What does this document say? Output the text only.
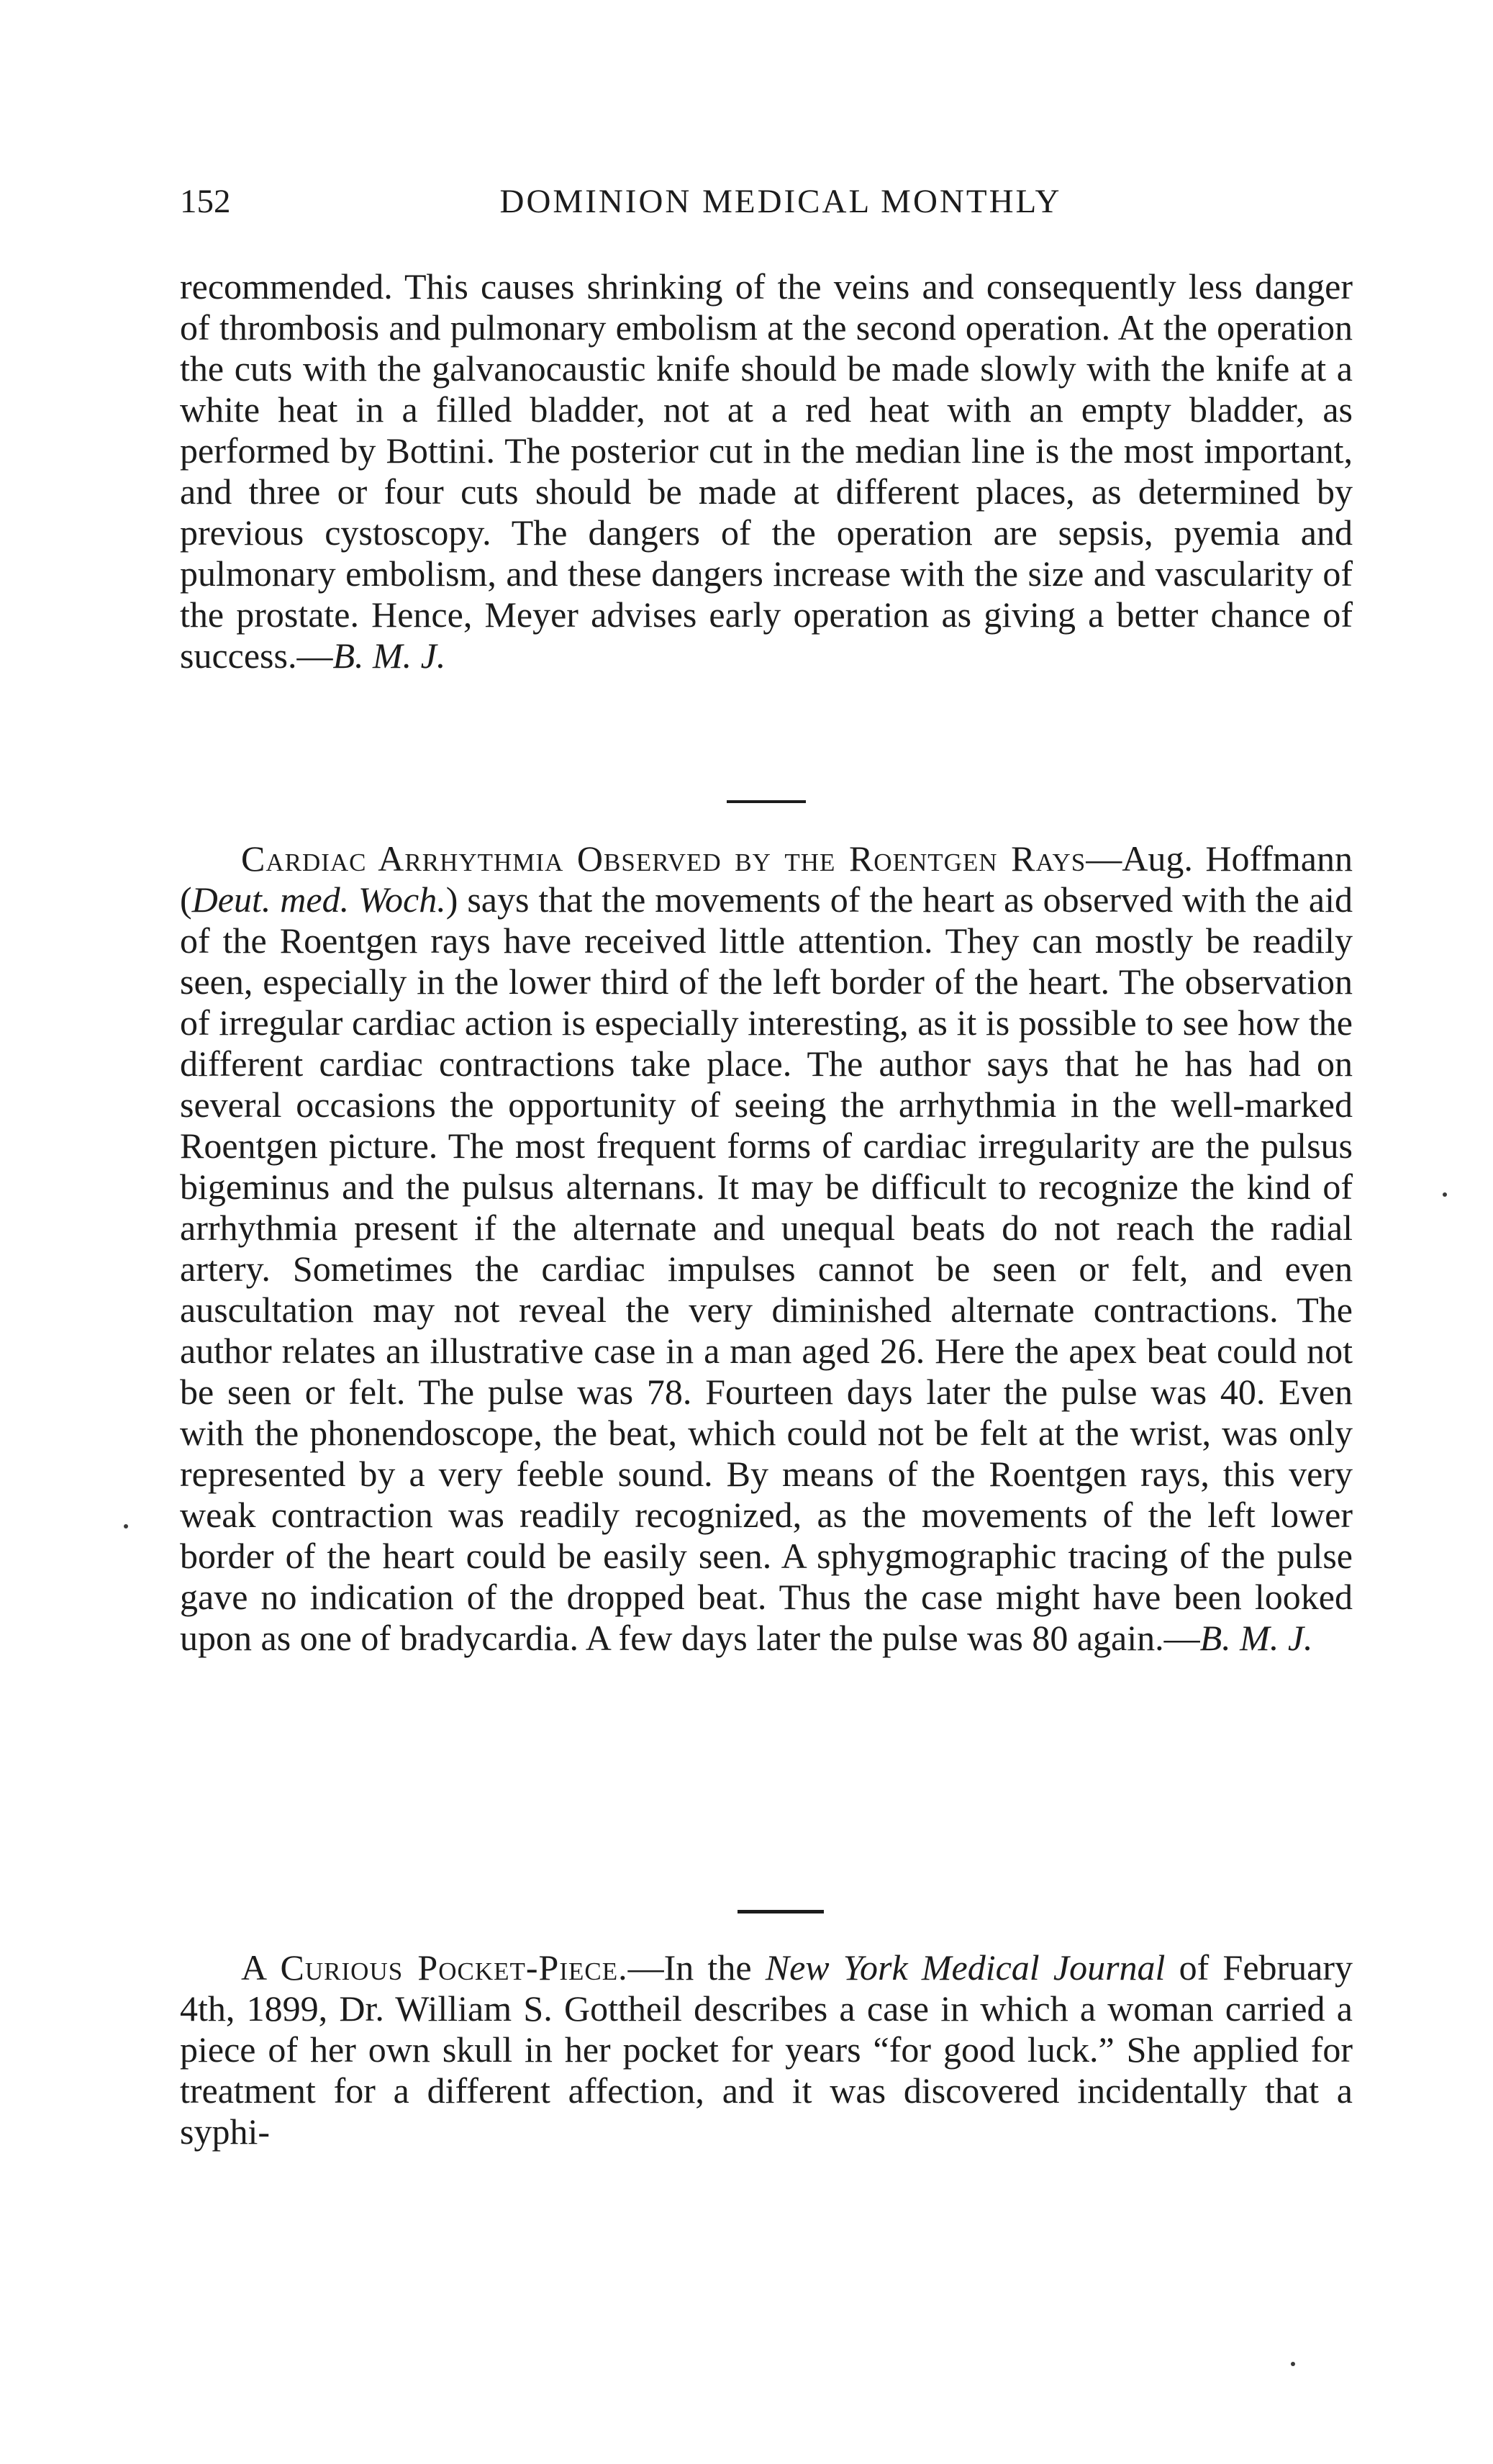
152	DOMINION MEDICAL MONTHLY

recommended. This causes shrinking of the veins and consequently less danger of thrombosis and pulmonary embolism at the second operation. At the operation the cuts with the galvanocaustic knife should be made slowly with the knife at a white heat in a filled bladder, not at a red heat with an empty bladder, as performed by Bottini. The posterior cut in the median line is the most important, and three or four cuts should be made at different places, as determined by previous cystoscopy. The dangers of the operation are sepsis, pyemia and pulmonary embolism, and these dangers increase with the size and vascularity of the prostate. Hence, Meyer advises early operation as giving a better chance of success.—B. M. J.

Cardiac Arrhythmia Observed by the Roentgen Rays—Aug. Hoffmann (Deut. med. Woch.) says that the movements of the heart as observed with the aid of the Roentgen rays have received little attention. They can mostly be readily seen, especially in the lower third of the left border of the heart. The observation of irregular cardiac action is especially interesting, as it is possible to see how the different cardiac contractions take place. The author says that he has had on several occasions the opportunity of seeing the arrhythmia in the well-marked Roentgen picture. The most frequent forms of cardiac irregularity are the pulsus bigeminus and the pulsus alternans. It may be difficult to recognize the kind of arrhythmia present if the alternate and unequal beats do not reach the radial artery. Sometimes the cardiac impulses cannot be seen or felt, and even auscultation may not reveal the very diminished alternate contractions. The author relates an illustrative case in a man aged 26. Here the apex beat could not be seen or felt. The pulse was 78. Fourteen days later the pulse was 40. Even with the phonendoscope, the beat, which could not be felt at the wrist, was only represented by a very feeble sound. By means of the Roentgen rays, this very weak contraction was readily recognized, as the movements of the left lower border of the heart could be easily seen. A sphygmographic tracing of the pulse gave no indication of the dropped beat. Thus the case might have been looked upon as one of bradycardia. A few days later the pulse was 80 again.—B. M. J.

A Curious Pocket-Piece.—In the New York Medical Journal of February 4th, 1899, Dr. William S. Gottheil describes a case in which a woman carried a piece of her own skull in her pocket for years “for good luck.” She applied for treatment for a different affection, and it was discovered incidentally that a syphi-
